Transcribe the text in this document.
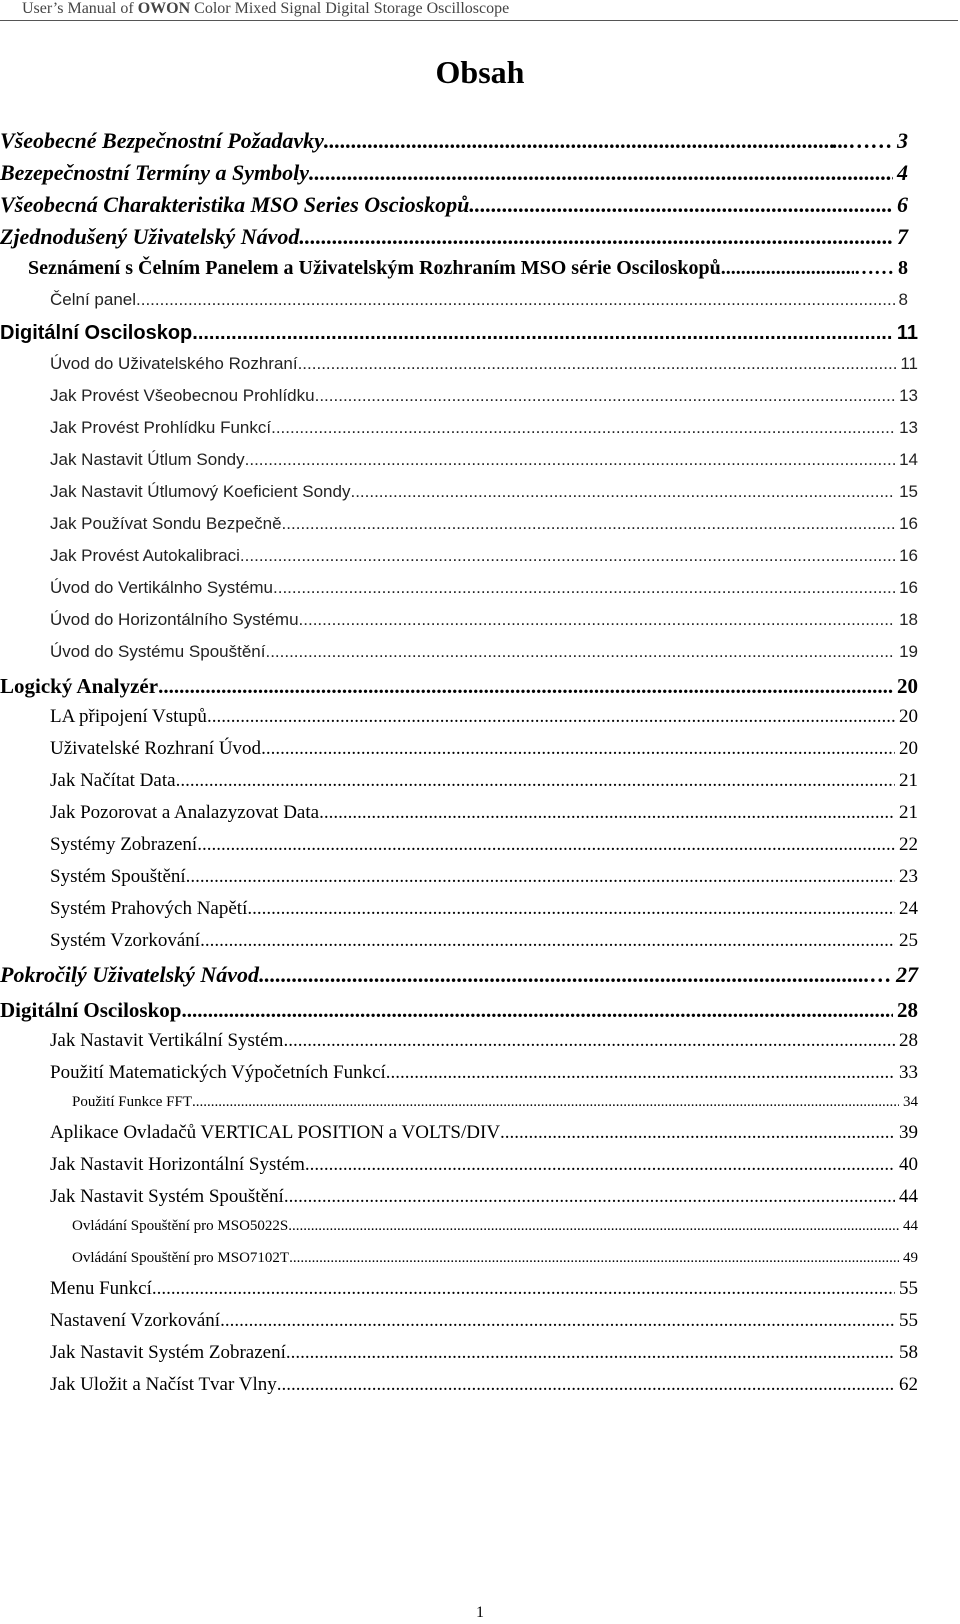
User’s Manual of OWON Color Mixed Signal Digital Storage Oscilloscope
Obsah
Všeobecné Bezpečnostní Požadavky .....	...…… 3
Bezepečnostní Termíny a Symboly .....	4
Všeobecná Charakteristika MSO Series Oscioskopů. .....	6
Zjednodušený Uživatelský Návod .....	7
Seznámení s Čelním Panelem a Uživatelským Rozhraním MSO série Osciloskopů .....	…… 8
Čelní panel .....	8
Digitální Osciloskop .....	11
Úvod do Uživatelského Rozhraní .....	11
Jak Provést Všeobecnou Prohlídku .....	13
Jak Provést Prohlídku Funkcí .....	13
Jak Nastavit Útlum Sondy .....	14
Jak Nastavit Útlumový Koeficient Sondy .....	15
Jak Používat Sondu Bezpečně .....	16
Jak Provést Autokalibraci .....	16
Úvod do Vertikálnho Systému .....	16
Úvod do Horizontálního Systému .....	18
Úvod do Systému Spouštění .....	19
Logický Analyzér .....	20
LA připojení Vstupů .....	20
Uživatelské Rozhraní Úvod .....	20
Jak Načítat Data .....	21
Jak Pozorovat a Analazyzovat Data .....	21
Systémy Zobrazení .....	22
Systém Spouštění .....	23
Systém Prahových Napětí .....	24
Systém Vzorkování .....	25
Pokročilý Uživatelský Návod .....	… 27
Digitální Osciloskop .....	28
Jak Nastavit Vertikální Systém .....	28
Použití Matematických Výpočetních Funkcí .....	33
Použití Funkce FFT .....	34
Aplikace Ovladačů VERTICAL POSITION a VOLTS/DIV .....	39
Jak Nastavit Horizontální Systém .....	40
Jak Nastavit Systém Spouštění .....	44
Ovládání Spouštění pro MSO5022S .....	44
Ovládání Spouštění pro MSO7102T .....	49
Menu Funkcí .....	55
Nastavení Vzorkování .....	55
Jak Nastavit Systém Zobrazení .....	58
Jak Uložit a Načíst Tvar Vlny .....	62
1
